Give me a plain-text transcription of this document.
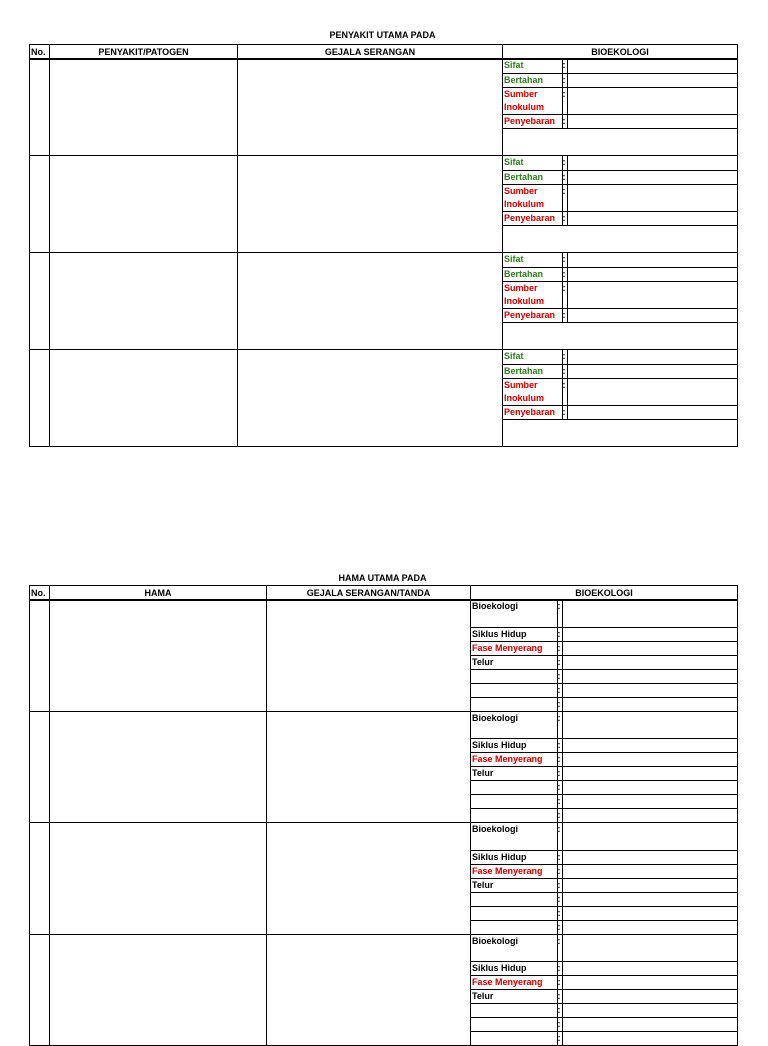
PENYAKIT UTAMA PADA
No.	PENYAKIT/PATOGEN	GEJALA SERANGAN	BIOEKOLOGI

Sifat	:	
Bertahan	:	
Sumber Inokulum	:	
Penyebaran	:	

Sifat	:	
Bertahan	:	
Sumber Inokulum	:	
Penyebaran	:	

Sifat	:	
Bertahan	:	
Sumber Inokulum	:	
Penyebaran	:	

Sifat	:	
Bertahan	:	
Sumber Inokulum	:	
Penyebaran	:	

HAMA UTAMA PADA
No.	HAMA	GEJALA SERANGAN/TANDA	BIOEKOLOGI

Bioekologi	:	
Siklus Hidup	:	
Fase Menyerang	:	
Telur	:	
	:	
	:	
	:	

Bioekologi	:	
Siklus Hidup	:	
Fase Menyerang	:	
Telur	:	
	:	
	:	
	:	

Bioekologi	:	
Siklus Hidup	:	
Fase Menyerang	:	
Telur	:	
	:	
	:	
	:	

Bioekologi	:	
Siklus Hidup	:	
Fase Menyerang	:	
Telur	:	
	:	
	:	
	:	
